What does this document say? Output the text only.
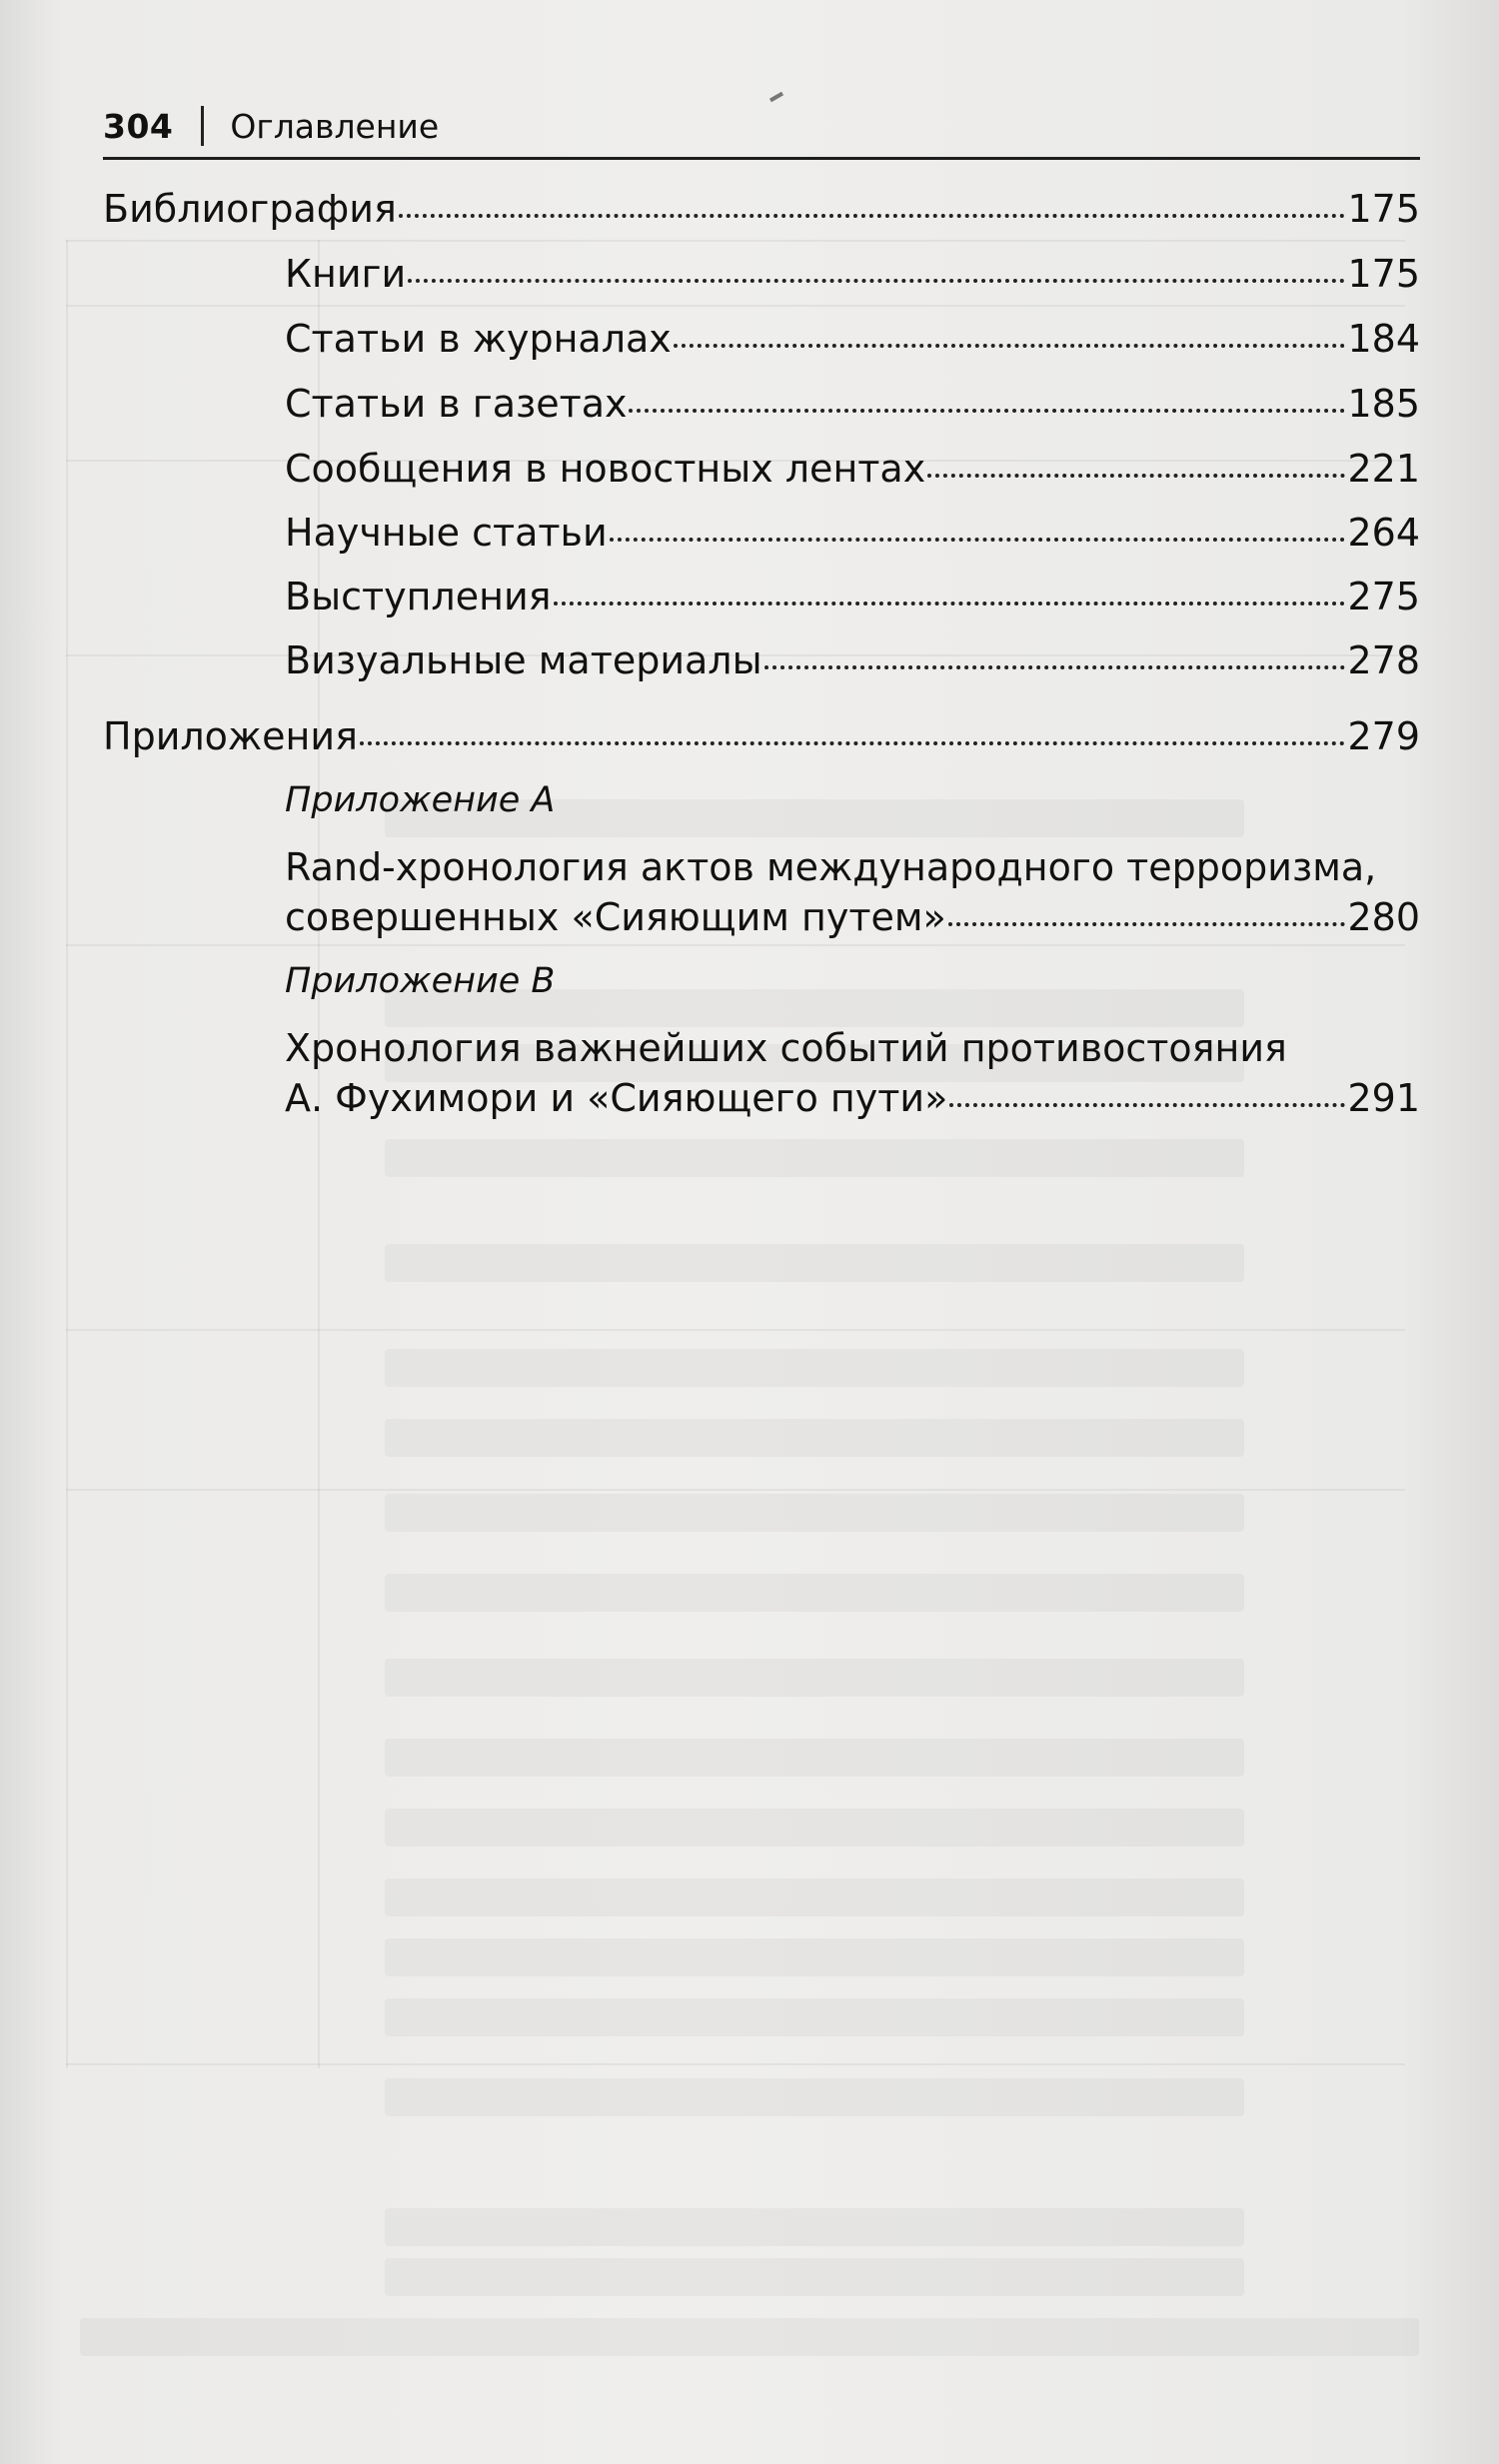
304 Оглавление
Библиография	175
Книги	175
Статьи в журналах	184
Статьи в газетах	185
Сообщения в новостных лентах	221
Научные статьи	264
Выступления	275
Визуальные материалы	278
Приложения	279
Приложение А
Rand-хронология актов международного терроризма,
совершенных «Сияющим путем»	280
Приложение В
Хронология важнейших событий противостояния
А. Фухимори и «Сияющего пути»	291
